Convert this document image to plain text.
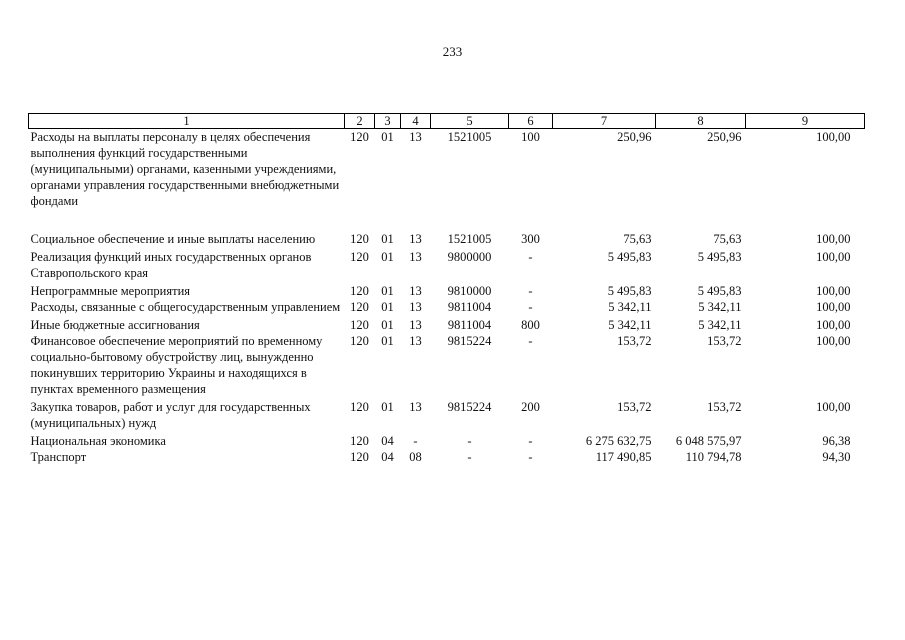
233
1	2	3	4	5	6	7	8	9
Расходы на выплаты персоналу в целях обеспечения выполнения функций государственными (муниципальными) органами, казенными учреждениями, органами управления государственными внебюджетными фондами	120	01	13	1521005	100	250,96	250,96	100,00
Социальное обеспечение и иные выплаты населению	120	01	13	1521005	300	75,63	75,63	100,00
Реализация функций иных государственных органов Ставропольского края	120	01	13	9800000	-	5 495,83	5 495,83	100,00
Непрограммные мероприятия	120	01	13	9810000	-	5 495,83	5 495,83	100,00
Расходы, связанные с общегосударственным управлением	120	01	13	9811004	-	5 342,11	5 342,11	100,00
Иные бюджетные ассигнования	120	01	13	9811004	800	5 342,11	5 342,11	100,00
Финансовое обеспечение мероприятий по временному социально-бытовому обустройству лиц, вынужденно покинувших территорию Украины и находящихся в пунктах временного размещения	120	01	13	9815224	-	153,72	153,72	100,00
Закупка товаров, работ и услуг для государственных (муниципальных) нужд	120	01	13	9815224	200	153,72	153,72	100,00
Национальная экономика	120	04	-	-	-	6 275 632,75	6 048 575,97	96,38
Транспорт	120	04	08	-	-	117 490,85	110 794,78	94,30
